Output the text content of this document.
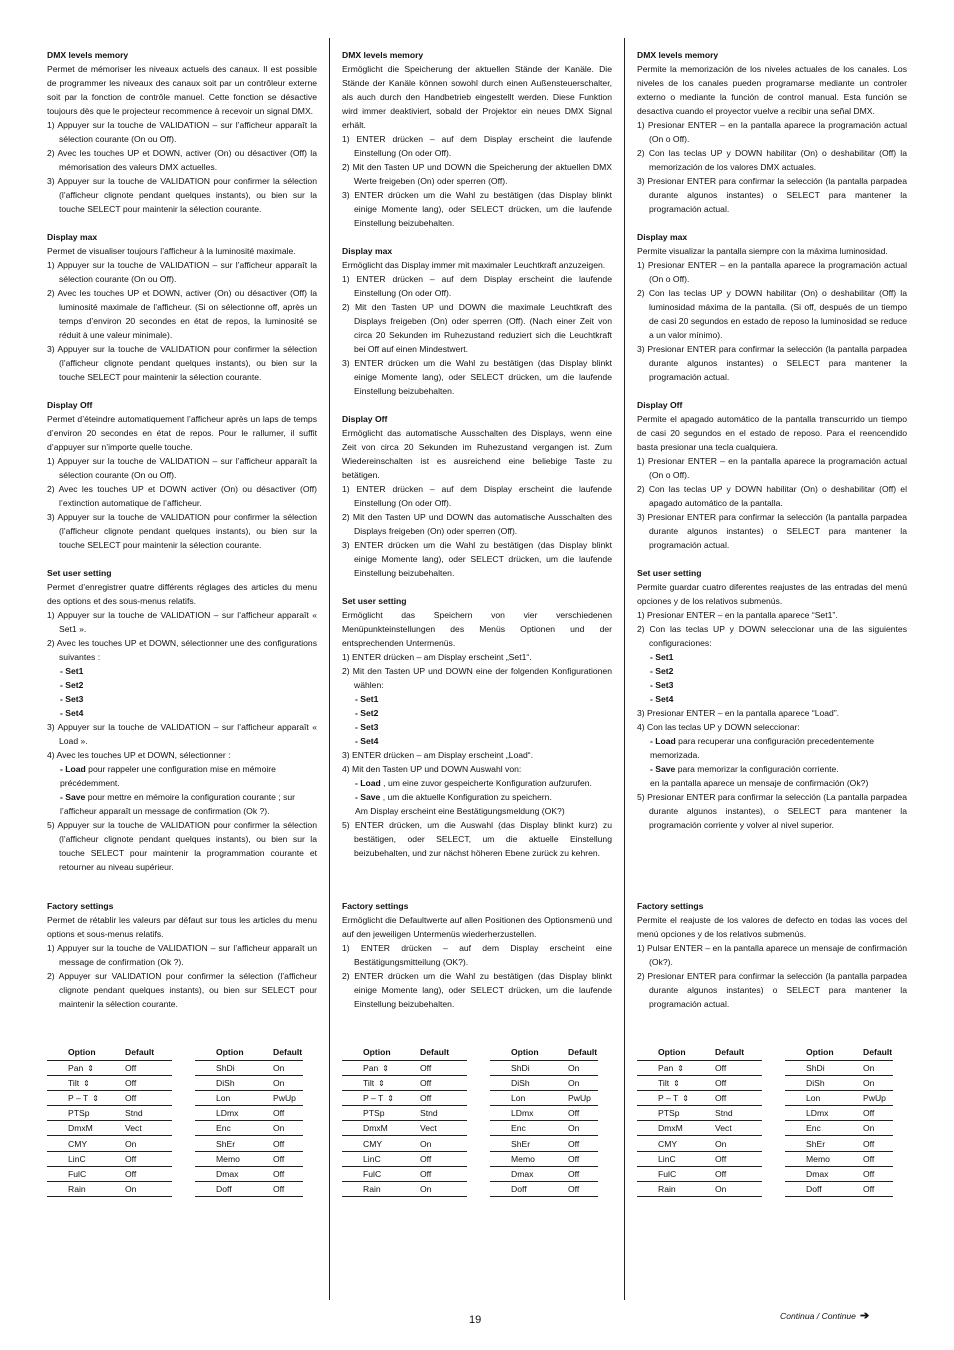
DMX levels memory

Permet de mémoriser les niveaux actuels des canaux. Il est possible de programmer les niveaux des canaux soit par un contrôleur externe soit par la fonction de contrôle manuel. Cette fonction se désactive toujours dès que le projecteur recommence à recevoir un signal DMX.

1) Appuyer sur la touche de VALIDATION – sur l’afficheur apparaît la sélection courante (On ou Off).
2) Avec les touches UP et DOWN, activer (On) ou désactiver (Off) la mémorisation des valeurs DMX actuelles.
3) Appuyer sur la touche de VALIDATION pour confirmer la sélection (l’afficheur clignote pendant quelques instants), ou bien sur la touche SELECT pour maintenir la sélection courante.
Display max

Permet de visualiser toujours l’afficheur à la luminosité maximale.

1) Appuyer sur la touche de VALIDATION – sur l’afficheur apparaît la sélection courante (On ou Off).
2) Avec les touches UP et DOWN, activer (On) ou désactiver (Off) la luminosité maximale de l’afficheur. (Si on sélectionne off, après un temps d’environ 20 secondes en état de repos, la luminosité se réduit à une valeur minimale).
3) Appuyer sur la touche de VALIDATION pour confirmer la sélection (l’afficheur clignote pendant quelques instants), ou bien sur la touche SELECT pour maintenir la sélection courante.
Display Off

Permet d’éteindre automatiquement l’afficheur après un laps de temps d’environ 20 secondes en état de repos. Pour le rallumer, il suffit d’appuyer sur n’importe quelle touche.

1) Appuyer sur la touche de VALIDATION – sur l’afficheur apparaît la sélection courante (On ou Off).
2) Avec les touches UP et DOWN activer (On) ou désactiver (Off) l’extinction automatique de l’afficheur.
3) Appuyer sur la touche de VALIDATION pour confirmer la sélection (l’afficheur clignote pendant quelques instants), ou bien sur la touche SELECT pour maintenir la sélection courante.
Set user setting

Permet d’enregistrer quatre différents réglages des articles du menu des options et des sous-menus relatifs.

1) Appuyer sur la touche de VALIDATION – sur l’afficheur apparaît « Set1 ».
2) Avec les touches UP et DOWN, sélectionner une des configurations suivantes :
- Set1
- Set2
- Set3
- Set4
3) Appuyer sur la touche de VALIDATION – sur l’afficheur apparaît « Load ».
4) Avec les touches UP et DOWN, sélectionner :
- Load pour rappeler une configuration mise en mémoire précédemment.
- Save pour mettre en mémoire la configuration courante ; sur l’afficheur apparaît un message de confirmation (Ok ?).
5) Appuyer sur la touche de VALIDATION pour confirmer la sélection (l’afficheur clignote pendant quelques instants), ou bien sur la touche SELECT pour maintenir la programmation courante et retourner au niveau supérieur.
Factory settings

Permet de rétablir les valeurs par défaut sur tous les articles du menu options et sous-menus relatifs.

1) Appuyer sur la touche de VALIDATION – sur l’afficheur apparaît un message de confirmation (Ok ?).
2) Appuyer sur VALIDATION pour confirmer la sélection (l’afficheur clignote pendant quelques instants), ou bien sur SELECT pour maintenir la sélection courante.
Option	Default
Pan ⇕	Off
Tilt ⇕	Off
P – T ⇕	Off
PTSp	Stnd
DmxM	Vect
CMY	On
LinC	Off
FulC	Off
Rain	On
Option	Default
ShDi	On
DiSh	On
Lon	PwUp
LDmx	Off
Enc	On
ShEr	Off
Memo	Off
Dmax	Off
Doff	Off
DMX levels memory

Ermöglicht die Speicherung der aktuellen Stände der Kanäle. Die Stände der Kanäle können sowohl durch einen Außensteuerschalter, als auch durch den Handbetrieb eingestellt werden. Diese Funktion wird immer deaktiviert, sobald der Projektor ein neues DMX Signal erhält.

1) ENTER drücken – auf dem Display erscheint die laufende Einstellung (On oder Off).
2) Mit den Tasten UP und DOWN die Speicherung der aktuellen DMX Werte freigeben (On) oder sperren (Off).
3) ENTER drücken um die Wahl zu bestätigen (das Display blinkt einige Momente lang), oder SELECT drücken, um die laufende Einstellung beizubehalten.
Display max

Ermöglicht das Display immer mit maximaler Leuchtkraft anzuzeigen.

1) ENTER drücken – auf dem Display erscheint die laufende Einstellung (On oder Off).
2) Mit den Tasten UP und DOWN die maximale Leuchtkraft des Displays freigeben (On) oder sperren (Off). (Nach einer Zeit von circa 20 Sekunden im Ruhezustand reduziert sich die Leuchtkraft bei Off auf einen Mindestwert.
3) ENTER drücken um die Wahl zu bestätigen (das Display blinkt einige Momente lang), oder SELECT drücken, um die laufende Einstellung beizubehalten.
Display Off

Ermöglicht das automatische Ausschalten des Displays, wenn eine Zeit von circa 20 Sekunden im Ruhezustand vergangen ist. Zum Wiedereinschalten ist es ausreichend eine beliebige Taste zu betätigen.

1) ENTER drücken – auf dem Display erscheint die laufende Einstellung (On oder Off).
2) Mit den Tasten UP und DOWN das automatische Ausschalten des Displays freigeben (On) oder sperren (Off).
3) ENTER drücken um die Wahl zu bestätigen (das Display blinkt einige Momente lang), oder SELECT drücken, um die laufende Einstellung beizubehalten.
Set user setting

Ermöglicht das Speichern von vier verschiedenen Menüpunkteinstellungen des Menüs Optionen und der entsprechenden Untermenüs.

1) ENTER drücken – am Display erscheint „Set1“.
2) Mit den Tasten UP und DOWN eine der folgenden Konfigurationen wählen:
- Set1
- Set2
- Set3
- Set4
3) ENTER drücken – am Display erscheint „Load“.
4) Mit den Tasten UP und DOWN Auswahl von:
- Load , um eine zuvor gespeicherte Konfiguration aufzurufen.
- Save , um die aktuelle Konfiguration zu speichern.
Am Display erscheint eine Bestätigungsmeldung (OK?)
5) ENTER drücken, um die Auswahl (das Display blinkt kurz) zu bestätigen, oder SELECT, um die aktuelle Einstellung beizubehalten, und zur nächst höheren Ebene zurück zu kehren.
Factory settings

Ermöglicht die Defaultwerte auf allen Positionen des Optionsmenü und auf den jeweiligen Untermenüs wiederherzustellen.

1) ENTER drücken – auf dem Display erscheint eine Bestätigungsmitteilung (OK?).
2) ENTER drücken um die Wahl zu bestätigen (das Display blinkt einige Momente lang), oder SELECT drücken, um die laufende Einstellung beizubehalten.
Option	Default
Pan ⇕	Off
Tilt ⇕	Off
P – T ⇕	Off
PTSp	Stnd
DmxM	Vect
CMY	On
LinC	Off
FulC	Off
Rain	On
Option	Default
ShDi	On
DiSh	On
Lon	PwUp
LDmx	Off
Enc	On
ShEr	Off
Memo	Off
Dmax	Off
Doff	Off
DMX levels memory

Permite la memorización de los niveles actuales de los canales. Los niveles de los canales pueden programarse mediante un controler externo o mediante la función de control manual. Esta función se desactiva cuando el proyector vuelve a recibir una señal DMX.

1) Presionar ENTER – en la pantalla aparece la programación actual (On o Off).
2) Con las teclas UP y DOWN habilitar (On) o deshabilitar (Off) la memorización de los valores DMX actuales.
3) Presionar ENTER para confirmar la selección (la pantalla parpadea durante algunos instantes) o SELECT para mantener la programación actual.
Display max

Permite visualizar la pantalla siempre con la máxima luminosidad.

1) Presionar ENTER – en la pantalla aparece la programación actual (On o Off).
2) Con las teclas UP y DOWN habilitar (On) o deshabilitar (Off) la luminosidad máxima de la pantalla. (Si off, después de un tiempo de casi 20 segundos en estado de reposo la luminosidad se reduce a un valor mínimo).
3) Presionar ENTER para confirmar la selección (la pantalla parpadea durante algunos instantes) o SELECT para mantener la programación actual.
Display Off

Permite el apagado automático de la pantalla transcurrido un tiempo de casi 20 segundos en el estado de reposo. Para el reencendido basta presionar una tecla cualquiera.

1) Presionar ENTER – en la pantalla aparece la programación actual (On o Off).
2) Con las teclas UP y DOWN habilitar (On) o deshabilitar (Off) el apagado automático de la pantalla.
3) Presionar ENTER para confirmar la selección (la pantalla parpadea durante algunos instantes) o SELECT para mantener la programación actual.
Set user setting

Permite guardar cuatro diferentes reajustes de las entradas del menú opciones y de los relativos submenús.

1) Presionar ENTER – en la pantalla aparece “Set1”.
2) Con las teclas UP y DOWN seleccionar una de las siguientes configuraciones:
- Set1
- Set2
- Set3
- Set4
3) Presionar ENTER – en la pantalla aparece “Load”.
4) Con las teclas UP y DOWN seleccionar:
- Load para recuperar una configuración precedentemente memorizada.
- Save para memorizar la configuración corriente.
en la pantalla aparece un mensaje de confirmación (Ok?)
5) Presionar ENTER para confirmar la selección (La pantalla parpadea durante algunos instantes), o SELECT para mantener la programación corriente y volver al nivel superior.
Factory settings

Permite el reajuste de los valores de defecto en todas las voces del menú opciones y de los relativos submenús.

1) Pulsar ENTER – en la pantalla aparece un mensaje de confirmación (Ok?).
2) Presionar ENTER para confirmar la selección (la pantalla parpadea durante algunos instantes) o SELECT para mantener la programación actual.
Option	Default
Pan ⇕	Off
Tilt ⇕	Off
P – T ⇕	Off
PTSp	Stnd
DmxM	Vect
CMY	On
LinC	Off
FulC	Off
Rain	On
Option	Default
ShDi	On
DiSh	On
Lon	PwUp
LDmx	Off
Enc	On
ShEr	Off
Memo	Off
Dmax	Off
Doff	Off
19	Continua / Continue ➔
